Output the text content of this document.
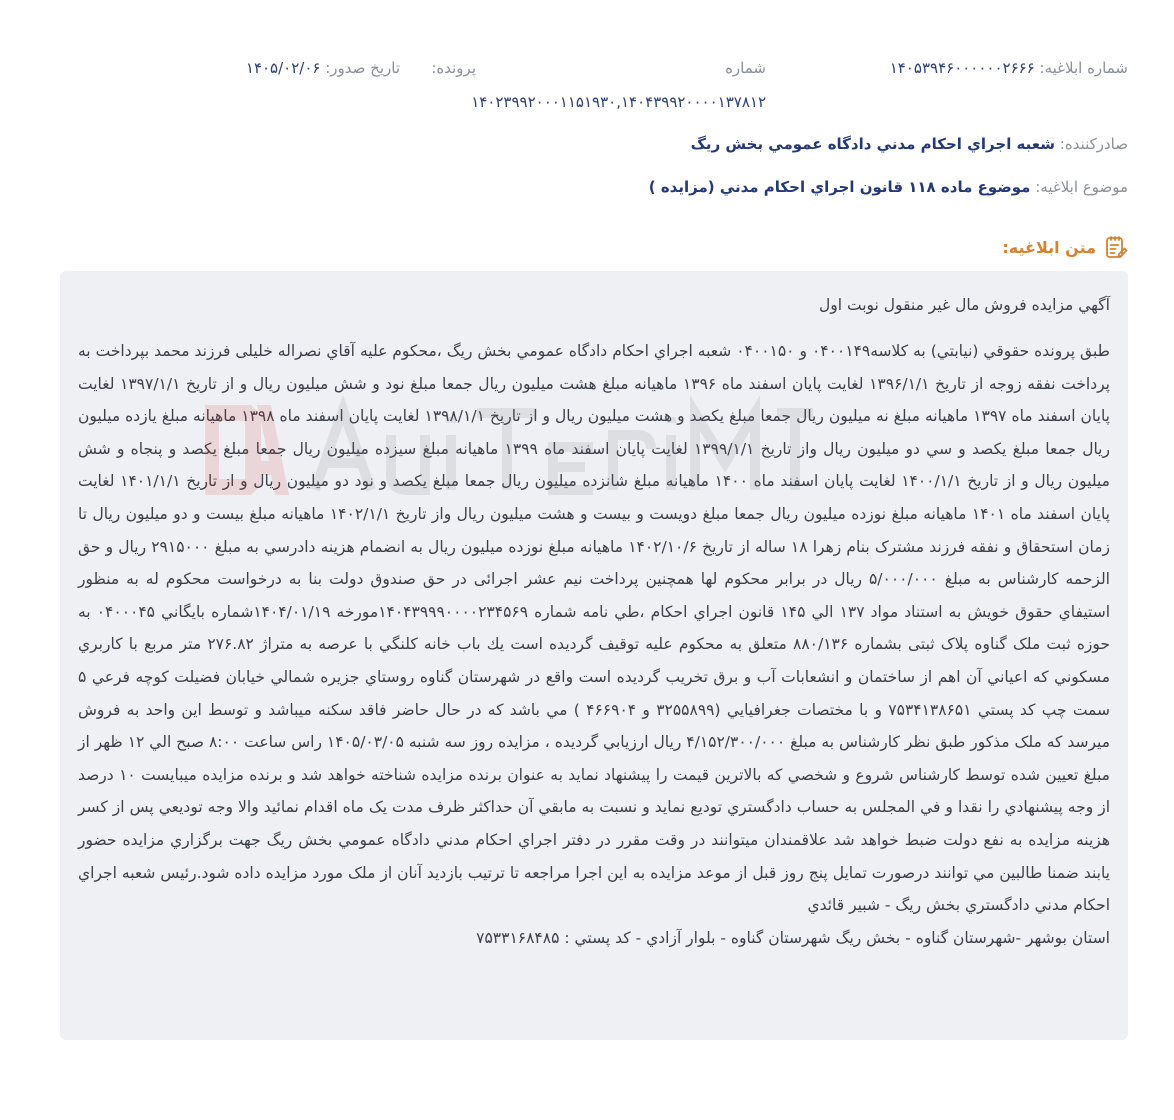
شماره ابلاغيه: ۱۴۰۵۳۹۴۶۰۰۰۰۰۰۲۶۶۶
شماره
پرونده:
تاريخ صدور: ۱۴۰۵/۰۲/۰۶
۱۴۰۲۳۹۹۲۰۰۰۱۱۵۱۹۳۰,۱۴۰۴۳۹۹۲۰۰۰۰۱۳۷۸۱۲
صادرکننده: شعبه اجراي احکام مدني دادگاه عمومي بخش ريگ
موضوع ابلاغيه: موضوع ماده ۱۱۸ قانون اجراي احکام مدني (مزايده )
متن ابلاغيه:
آگهي مزايده فروش مال غير منقول نوبت اول
طبق پرونده حقوقي (نيابتي) به کلاسه۰۴۰۰۱۴۹ و ۰۴۰۰۱۵۰ شعبه اجراي احکام دادگاه عمومي بخش ريگ ،محکوم عليه آقاي نصراله خليلى فرزند محمد بپرداخت به پرداخت نفقه زوجه از تاريخ ۱۳۹۶/۱/۱ لغايت پايان اسفند ماه ۱۳۹۶ ماهيانه مبلغ هشت ميليون ريال جمعا مبلغ نود و شش ميليون ريال و از تاريخ ۱۳۹۷/۱/۱ لغايت پايان اسفند ماه ۱۳۹۷ ماهيانه مبلغ نه ميليون ريال جمعا مبلغ يکصد و هشت ميليون ريال و از تاريخ ۱۳۹۸/۱/۱ لغايت پايان اسفند ماه ۱۳۹۸ ماهيانه مبلغ يازده ميليون ريال جمعا مبلغ يکصد و سي دو ميليون ريال واز تاريخ ۱۳۹۹/۱/۱ لغايت پايان اسفند ماه ۱۳۹۹ ماهيانه مبلغ سيزده ميليون ريال جمعا مبلغ يکصد و پنجاه و شش ميليون ريال و از تاريخ ۱۴۰۰/۱/۱ لغايت پايان اسفند ماه ۱۴۰۰ ماهيانه مبلغ شانزده ميليون ريال جمعا مبلغ يکصد و نود دو ميليون ريال و از تاريخ ۱۴۰۱/۱/۱ لغايت پايان اسفند ماه ۱۴۰۱ ماهيانه مبلغ نوزده ميليون ريال جمعا مبلغ دويست و بيست و هشت ميليون ريال واز تاريخ ۱۴۰۲/۱/۱ ماهيانه مبلغ بيست و دو ميليون ريال تا زمان استحقاق و نفقه فرزند مشترک بنام زهرا ۱۸ ساله از تاريخ ۱۴۰۲/۱۰/۶ ماهيانه مبلغ نوزده ميليون ريال به انضمام هزينه دادرسي به مبلغ ۲۹۱۵۰۰۰ ريال و حق الزحمه کارشناس به مبلغ ۵/۰۰۰/۰۰۰ ريال در برابر محکوم لها همچنين پرداخت نيم عشر اجرائى در حق صندوق دولت بنا به درخواست محکوم له به منظور استيفاي حقوق خويش به استناد مواد ۱۳۷ الي ۱۴۵ قانون اجراي احکام ،طي نامه شماره ۱۴۰۴۳۹۹۹۰۰۰۰۲۳۴۵۶۹مورخه ۱۴۰۴/۰۱/۱۹شماره بايگاني ۰۴۰۰۰۴۵ به حوزه ثبت ملک گناوه پلاک ثبتی بشماره ۸۸۰/۱۳۶ متعلق به محکوم عليه توقيف گرديده است يك باب خانه کلنگي با عرصه به متراژ ۲۷۶.۸۲ متر مربع با کاربري مسکوني که اعياني آن اهم از ساختمان و انشعابات آب و برق تخريب گرديده است واقع در شهرستان گناوه روستاي جزيره شمالي خيابان فضيلت کوچه فرعي ۵ سمت چپ کد پستي ۷۵۳۴۱۳۸۶۵۱ و با مختصات جغرافيايي (۳۲۵۵۸۹۹ و ۴۶۶۹۰۴ ) مي باشد که در حال حاضر فاقد سکنه ميباشد و توسط اين واحد به فروش ميرسد که ملک مذکور طبق نظر کارشناس به مبلغ ۴/۱۵۲/۳۰۰/۰۰۰ ريال ارزيابي گرديده ، مزايده روز سه شنبه ۱۴۰۵/۰۳/۰۵ راس ساعت ۸:۰۰ صبح الي ۱۲ ظهر از مبلغ تعيين شده توسط کارشناس شروع و شخصي که بالاترين قيمت را پيشنهاد نمايد به عنوان برنده مزايده شناخته خواهد شد و برنده مزايده ميبايست ۱۰ درصد از وجه پيشنهادي را نقدا و في المجلس به حساب دادگستري توديع نمايد و نسبت به مابقي آن حداکثر ظرف مدت يک ماه اقدام نمائيد والا وجه توديعي پس از کسر هزينه مزايده به نفع دولت ضبط خواهد شد علاقمندان ميتوانند در وقت مقرر در دفتر اجراي احکام مدني دادگاه عمومي بخش ريگ جهت برگزاري مزايده حضور يابند ضمنا طالبين مي توانند درصورت تمايل پنج روز قبل از موعد مزايده به اين اجرا مراجعه تا ترتيب بازديد آنان از ملک مورد مزايده داده شود.رئيس شعبه اجراي احکام مدني دادگستري بخش ريگ - شبير قائدي
استان بوشهر -شهرستان گناوه - بخش ريگ شهرستان گناوه - بلوار آزادي - کد پستي : ۷۵۳۳۱۶۸۴۸۵
